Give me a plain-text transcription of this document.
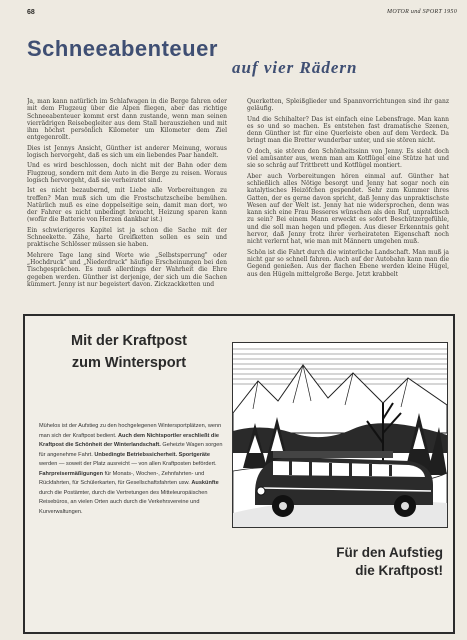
68	MOTOR und SPORT 1950
Schneeabenteuer
auf vier Rädern

Ja, man kann natürlich im Schlafwagen in die Berge fahren oder mit dem Flugzeug über die Alpen fliegen, aber das richtige Schneeabenteuer kommt erst dann zustande, wenn man seinen vierrädrigen Reisebegleiter aus dem Stall herausziehen und mit ihm höchst persönlich Kilometer um Kilometer dem Ziel entgegenrollt.

Dies ist Jennys Ansicht, Günther ist anderer Meinung, woraus logisch hervorgeht, daß es sich um ein liebendes Paar handelt.

Und es wird beschlossen, doch nicht mit der Bahn oder dem Flugzeug, sondern mit dem Auto in die Berge zu reisen. Woraus logisch hervorgeht, daß sie verheiratet sind.

Ist es nicht bezaubernd, mit Liebe alle Vorbereitungen zu treffen? Man muß sich um die Frostschutzscheibe bemühen. Natürlich muß es eine doppelseitige sein, damit man dort, wo der Fahrer es nicht unbedingt braucht, Heizung sparen kann (wofür die Batterie von Herzen dankbar ist.)

Ein schwierigeres Kapitel ist ja schon die Sache mit der Schneekette. Zähe, harte Greifketten sollen es sein und praktische Schlösser müssen sie haben.

Mehrere Tage lang sind Worte wie „Selbstsperrung" oder „Hochdruck" und „Niederdruck" häufige Erscheinungen bei den Tischgesprächen. Es muß allerdings der Wahrheit die Ehre gegeben werden. Günther ist derjenige, der sich um die Sachen kümmert. Jenny ist nur begeistert davon. Zickzackketten und

Querketten, Spleißglieder und Spannvorrichtungen sind ihr ganz geläufig.

Und die Schihalter? Das ist einfach eine Lebensfrage. Man kann es so und so machen. Es entstehen fast dramatische Szenen, denn Günther ist für eine Querleiste oben auf dem Verdeck. Da bringt man die Bretter wunderbar unter, und sie stören nicht.

O doch, sie stören den Schönheitssinn von Jenny. Es sieht doch viel amüsanter aus, wenn man am Kotflügel eine Stütze hat und sie so schräg auf Trittbrett und Kotflügel montiert.

Aber auch Vorbereitungen hören einmal auf. Günther hat schließlich alles Nötige besorgt und Jenny hat sogar noch ein katalytisches Heizöfchen gespendet. Sehr zum Kummer ihres Gatten, der es gerne davon spricht, daß Jenny das unpraktischste Wesen auf der Welt ist. Jenny hat nie widersprochen, denn was kann sich eine Frau Besseres wünschen als den Ruf, unpraktisch zu sein? Bei einem Mann erweckt es sofort Beschützergefühle, und die soll man hegen und pflegen. Aus dieser Erkenntnis geht hervor, daß Jenny trotz ihrer verheirateten Eigenschaft noch nicht verlernt hat, wie man mit Männern umgehen muß.

Schön ist die Fahrt durch die winterliche Landschaft. Man muß ja nicht gar so schnell fahren. Auch auf der Autobahn kann man die Gegend genießen. Aus der flachen Ebene werden kleine Hügel, aus den Hügeln mittelgroße Berge. Jetzt krabbelt

Mit der Kraftpost
zum Wintersport
Mühelos ist der Aufstieg zu den hochgelegenen Wintersportplätzen, wenn man sich der Kraftpost bedient. Auch dem Nichtsportler erschließt die Kraftpost die Schönheit der Winterlandschaft. Geheizte Wagen sorgen für angenehme Fahrt. Unbedingte Betriebssicherheit. Sportgeräte werden — soweit der Platz ausreicht — von allen Kraftposten befördert. Fahrpreisermäßigungen für Monats-, Wochen-, Zehnfahrten- und Rückfahrten, für Schülerkarten, für Gesellschaftsfahrten usw. Auskünfte durch die Postämter, durch die Vertretungen des Mitteleuropäischen Reisebüros, an vielen Orten auch durch die Verkehrsvereine und Kurverwaltungen.
Für den Aufstieg
die Kraftpost!
